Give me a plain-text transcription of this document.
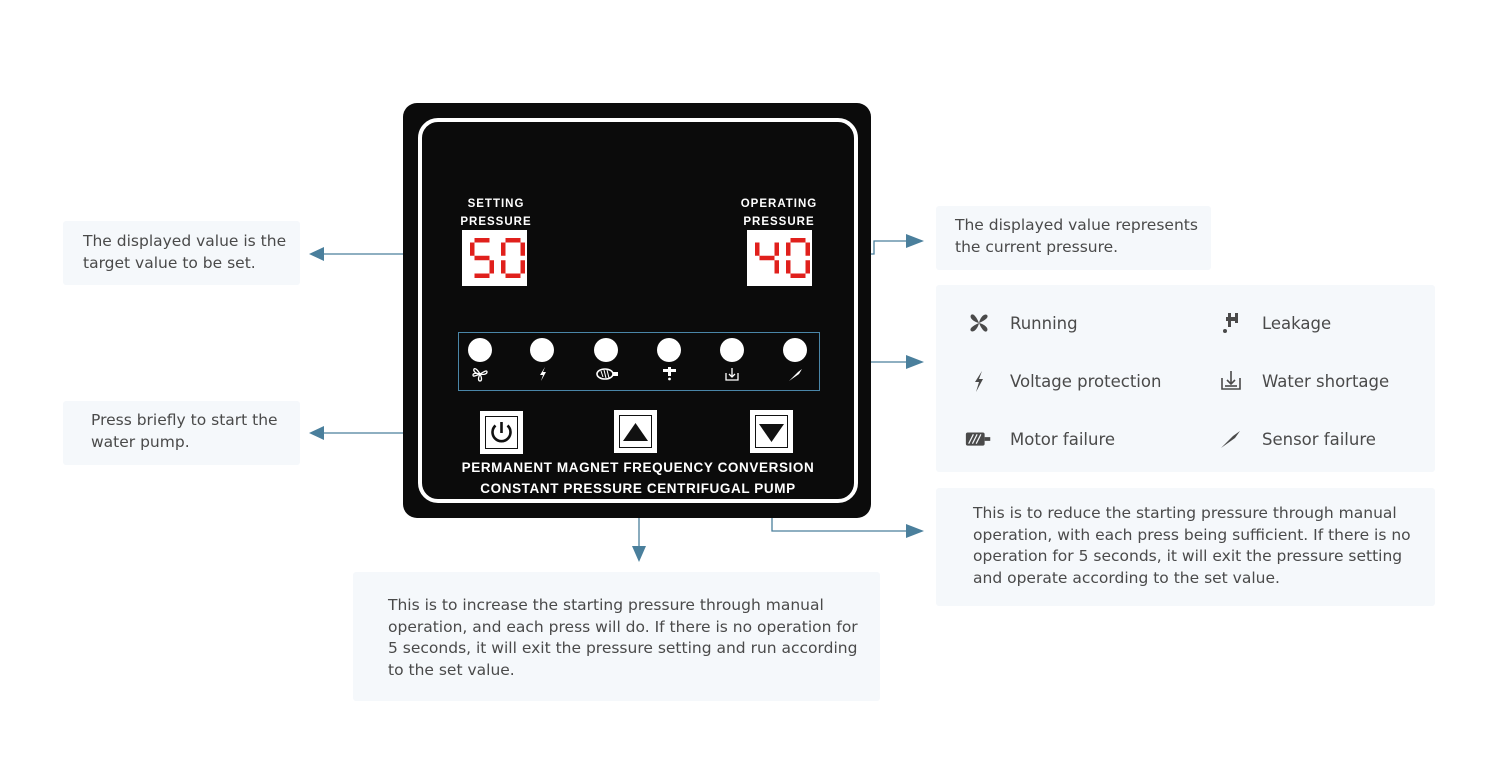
SETTING
PRESSURE
OPERATING
PRESSURE
PERMANENT MAGNET FREQUENCY CONVERSION
CONSTANT PRESSURE CENTRIFUGAL PUMP
The displayed value is the
target value to be set.
The displayed value represents
the current pressure.
Press briefly to start the
water pump.
This is to increase the starting pressure through manual
operation, and each press will do. If there is no operation for
5 seconds, it will exit the pressure setting and run according
to the set value.
This is to reduce the starting pressure through manual
operation, with each press being sufficient. If there is no
operation for 5 seconds, it will exit the pressure setting
and operate according to the set value.
Running	Leakage
Voltage protection	Water shortage
Motor failure	Sensor failure
